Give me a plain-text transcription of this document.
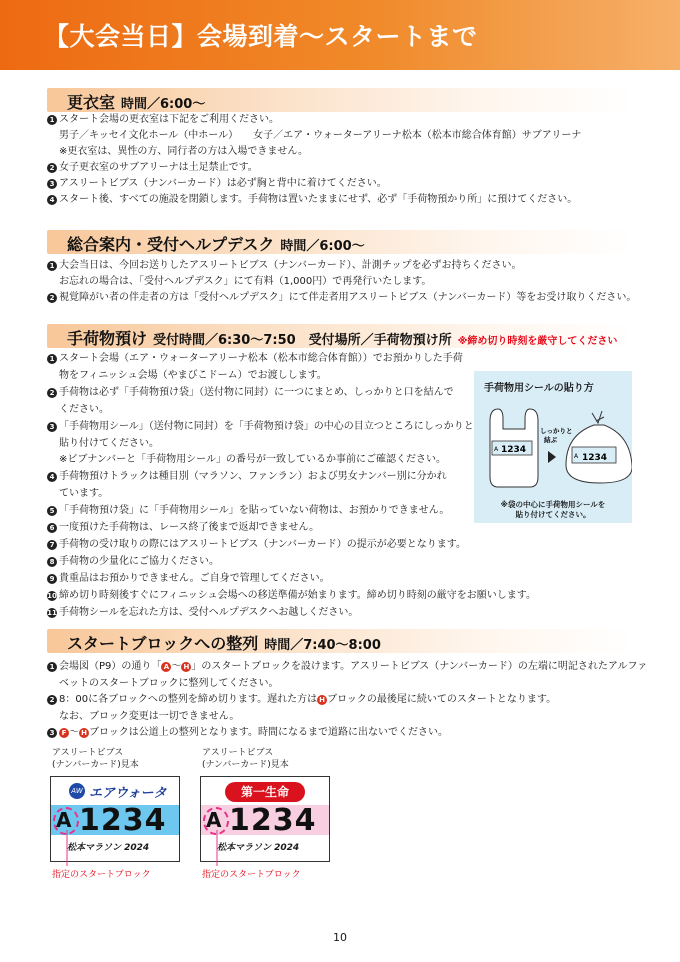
【大会当日】会場到着〜スタートまで
更衣室 時間／6:00〜
1 スタート会場の更衣室は下記をご利用ください。
男子／キッセイ文化ホール（中ホール）　　女子／エア・ウォーターアリーナ松本（松本市総合体育館）サブアリーナ
※更衣室は、異性の方、同行者の方は入場できません。
2 女子更衣室のサブアリーナは土足禁止です。
3 アスリートビブス（ナンバーカード）は必ず胸と背中に着けてください。
4 スタート後、すべての施設を閉鎖します。手荷物は置いたままにせず、必ず「手荷物預かり所」に預けてください。
総合案内・受付ヘルプデスク 時間／6:00〜
1 大会当日は、今回お送りしたアスリートビブス（ナンバーカード）、計測チップを必ずお持ちください。
お忘れの場合は、「受付ヘルプデスク」にて有料（1,000円）で再発行いたします。
2 視覚障がい者の伴走者の方は「受付ヘルプデスク」にて伴走者用アスリートビブス（ナンバーカード）等をお受け取りください。
手荷物預け 受付時間／6:30〜7:50　受付場所／手荷物預け所 ※締め切り時刻を厳守してください
1 スタート会場（エア・ウォーターアリーナ松本（松本市総合体育館））でお預かりした手荷
物をフィニッシュ会場（やまびこドーム）でお渡しします。
2 手荷物は必ず「手荷物預け袋」（送付物に同封）に一つにまとめ、しっかりと口を結んで
ください。
3 「手荷物用シール」（送付物に同封）を「手荷物預け袋」の中心の目立つところにしっかりと
貼り付けてください。
※ビブナンバーと「手荷物用シール」の番号が一致しているか事前にご確認ください。
4 手荷物預けトラックは種目別（マラソン、ファンラン）および男女ナンバー別に分かれ
ています。
5 「手荷物預け袋」に「手荷物用シール」を貼っていない荷物は、お預かりできません。
6 一度預けた手荷物は、レース終了後まで返却できません。
7 手荷物の受け取りの際にはアスリートビブス（ナンバーカード）の提示が必要となります。
8 手荷物の少量化にご協力ください。
9 貴重品はお預かりできません。ご自身で管理してください。
10 締め切り時刻後すぐにフィニッシュ会場への移送準備が始まります。締め切り時刻の厳守をお願いします。
11 手荷物シールを忘れた方は、受付ヘルプデスクへお越しください。
手荷物用シールの貼り方
A 1234
しっかりと
結ぶ
A 1234
※袋の中心に手荷物用シールを
貼り付けてください。
スタートブロックへの整列 時間／7:40〜8:00
1 会場図（P9）の通り「 A 〜 H 」のスタートブロックを設けます。アスリートビブス（ナンバーカード）の左端に明記されたアルファ
ベットのスタートブロックに整列してください。
2 8：00に各ブロックへの整列を締め切ります。遅れた方は H ブロックの最後尾に続いてのスタートとなります。
なお、ブロック変更は一切できません。
3 F 〜 H ブロックは公道上の整列となります。時間になるまで道路に出ないでください。
アスリートビブス
(ナンバーカード)見本
AW エアウォータ
A 1234
松本マラソン 2024
指定のスタートブロック
アスリートビブス
(ナンバーカード)見本
第一生命
A 1234
松本マラソン 2024
指定のスタートブロック
10
